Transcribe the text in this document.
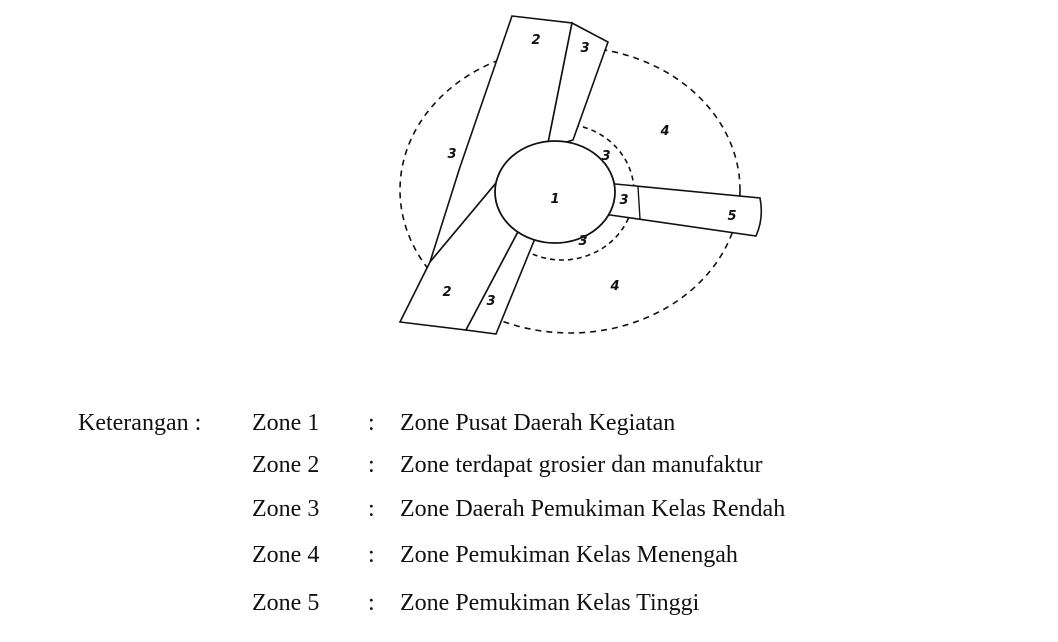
1
2
3
3
4
3
3
3
5
2
3
4
Keterangan : Zone 1 : Zone Pusat Daerah Kegiatan
Zone 2 : Zone terdapat grosier dan manufaktur
Zone 3 : Zone Daerah Pemukiman Kelas Rendah
Zone 4 : Zone Pemukiman Kelas Menengah
Zone 5 : Zone Pemukiman Kelas Tinggi
